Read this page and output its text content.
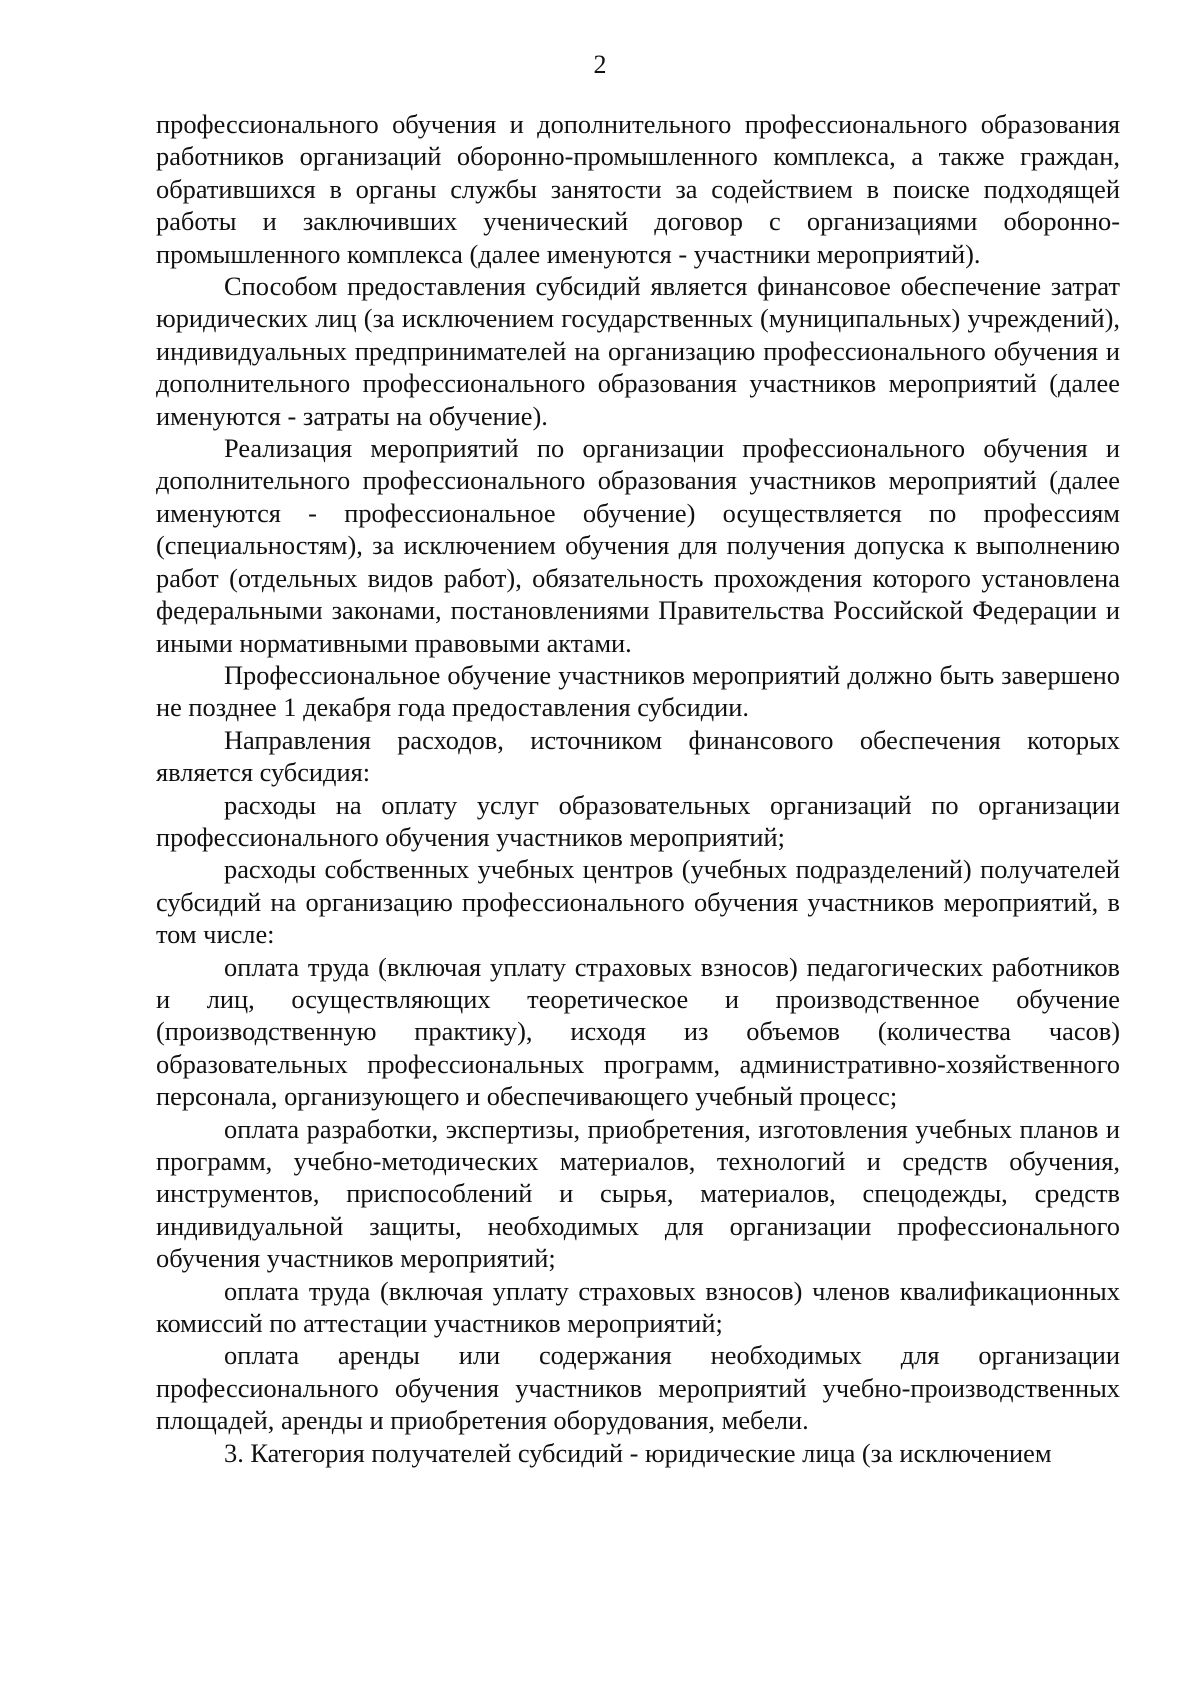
2

профессионального обучения и дополнительного профессионального образования работников организаций оборонно-промышленного комплекса, а также граждан, обратившихся в органы службы занятости за содействием в поиске подходящей работы и заключивших ученический договор с организациями оборонно-промышленного комплекса (далее именуются - участники мероприятий).

Способом предоставления субсидий является финансовое обеспечение затрат юридических лиц (за исключением государственных (муниципальных) учреждений), индивидуальных предпринимателей на организацию профессионального обучения и дополнительного профессионального образования участников мероприятий (далее именуются - затраты на обучение).

Реализация мероприятий по организации профессионального обучения и дополнительного профессионального образования участников мероприятий (далее именуются - профессиональное обучение) осуществляется по профессиям (специальностям), за исключением обучения для получения допуска к выполнению работ (отдельных видов работ), обязательность прохождения которого установлена федеральными законами, постановлениями Правительства Российской Федерации и иными нормативными правовыми актами.

Профессиональное обучение участников мероприятий должно быть завершено не позднее 1 декабря года предоставления субсидии.

Направления расходов, источником финансового обеспечения которых является субсидия:

расходы на оплату услуг образовательных организаций по организации профессионального обучения участников мероприятий;

расходы собственных учебных центров (учебных подразделений) получателей субсидий на организацию профессионального обучения участников мероприятий, в том числе:

оплата труда (включая уплату страховых взносов) педагогических работников и лиц, осуществляющих теоретическое и производственное обучение (производственную практику), исходя из объемов (количества часов) образовательных профессиональных программ, административно-хозяйственного персонала, организующего и обеспечивающего учебный процесс;

оплата разработки, экспертизы, приобретения, изготовления учебных планов и программ, учебно-методических материалов, технологий и средств обучения, инструментов, приспособлений и сырья, материалов, спецодежды, средств индивидуальной защиты, необходимых для организации профессионального обучения участников мероприятий;

оплата труда (включая уплату страховых взносов) членов квалификационных комиссий по аттестации участников мероприятий;

оплата аренды или содержания необходимых для организации профессионального обучения участников мероприятий учебно-производственных площадей, аренды и приобретения оборудования, мебели.

3. Категория получателей субсидий - юридические лица (за исключением
